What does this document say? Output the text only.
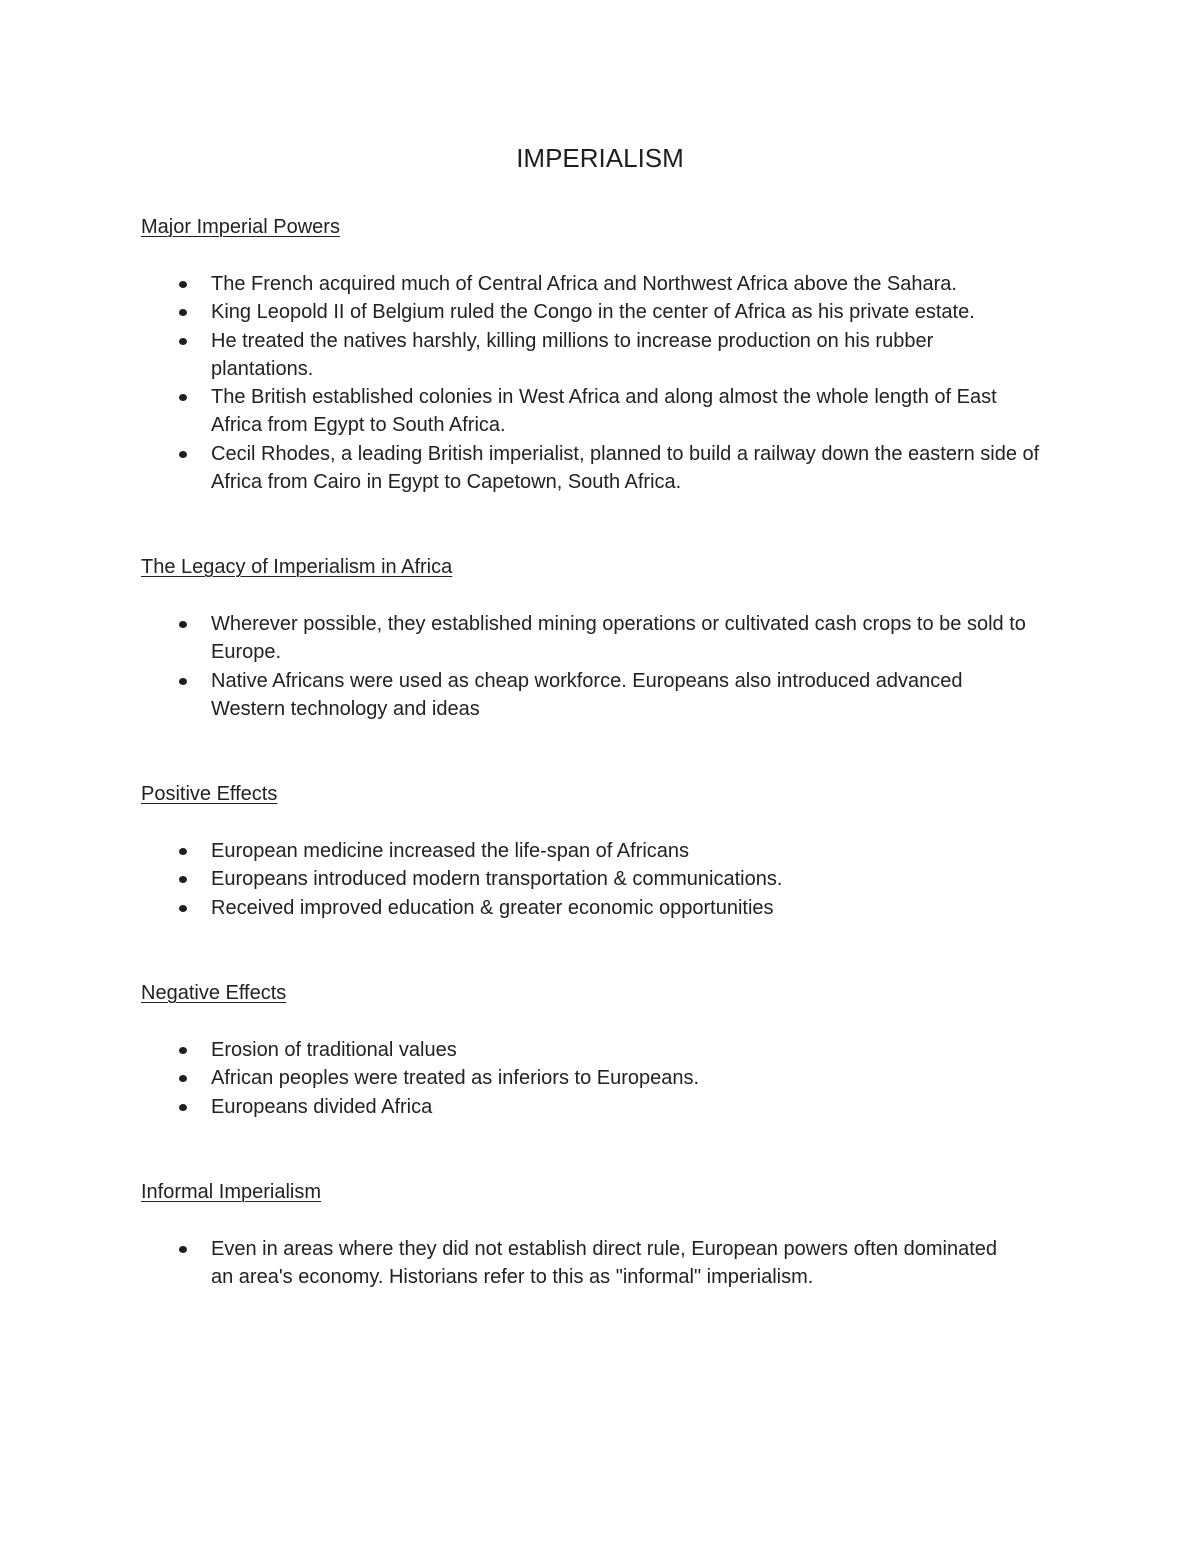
IMPERIALISM
Major Imperial Powers
The French acquired much of Central Africa and Northwest Africa above the Sahara.
King Leopold II of Belgium ruled the Congo in the center of Africa as his private estate.
He treated the natives harshly, killing millions to increase production on his rubber plantations.
The British established colonies in West Africa and along almost the whole length of East Africa from Egypt to South Africa.
Cecil Rhodes, a leading British imperialist, planned to build a railway down the eastern side of Africa from Cairo in Egypt to Capetown, South Africa.
The Legacy of Imperialism in Africa
Wherever possible, they established mining operations or cultivated cash crops to be sold to Europe.
Native Africans were used as cheap workforce. Europeans also introduced advanced Western technology and ideas
Positive Effects
European medicine increased the life-span of Africans
Europeans introduced modern transportation & communications.
Received improved education & greater economic opportunities
Negative Effects
Erosion of traditional values
African peoples were treated as inferiors to Europeans.
Europeans divided Africa
Informal Imperialism
Even in areas where they did not establish direct rule, European powers often dominated an area's economy. Historians refer to this as "informal" imperialism.
